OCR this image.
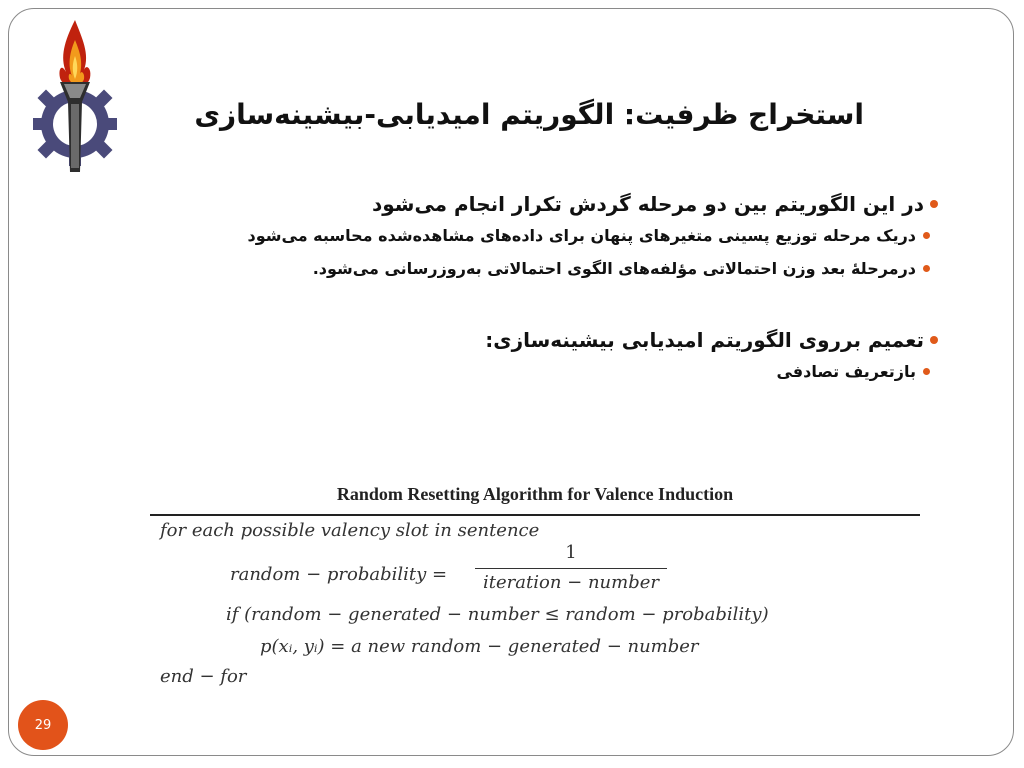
استخراج ظرفیت: الگوریتم امیدیابی-بیشینه‌سازی
در این الگوریتم بین دو مرحله گردش تکرار انجام می‌شود
دریک مرحله توزیع پسینی متغیرهای پنهان برای داده‌های مشاهده‌شده محاسبه می‌شود
درمرحلۀ بعد وزن احتمالاتی مؤلفه‌های الگوی احتمالاتی به‌روزرسانی می‌شود.
تعمیم برروی الگوریتم امیدیابی بیشینه‌سازی:
بازتعریف تصادفی
Random Resetting Algorithm for Valence Induction
for each possible valency slot in sentence
random − probability =
1
iteration − number
if (random − generated − number ≤ random − probability)
p(xᵢ, yᵢ) = a new random − generated − number
end − for
29
